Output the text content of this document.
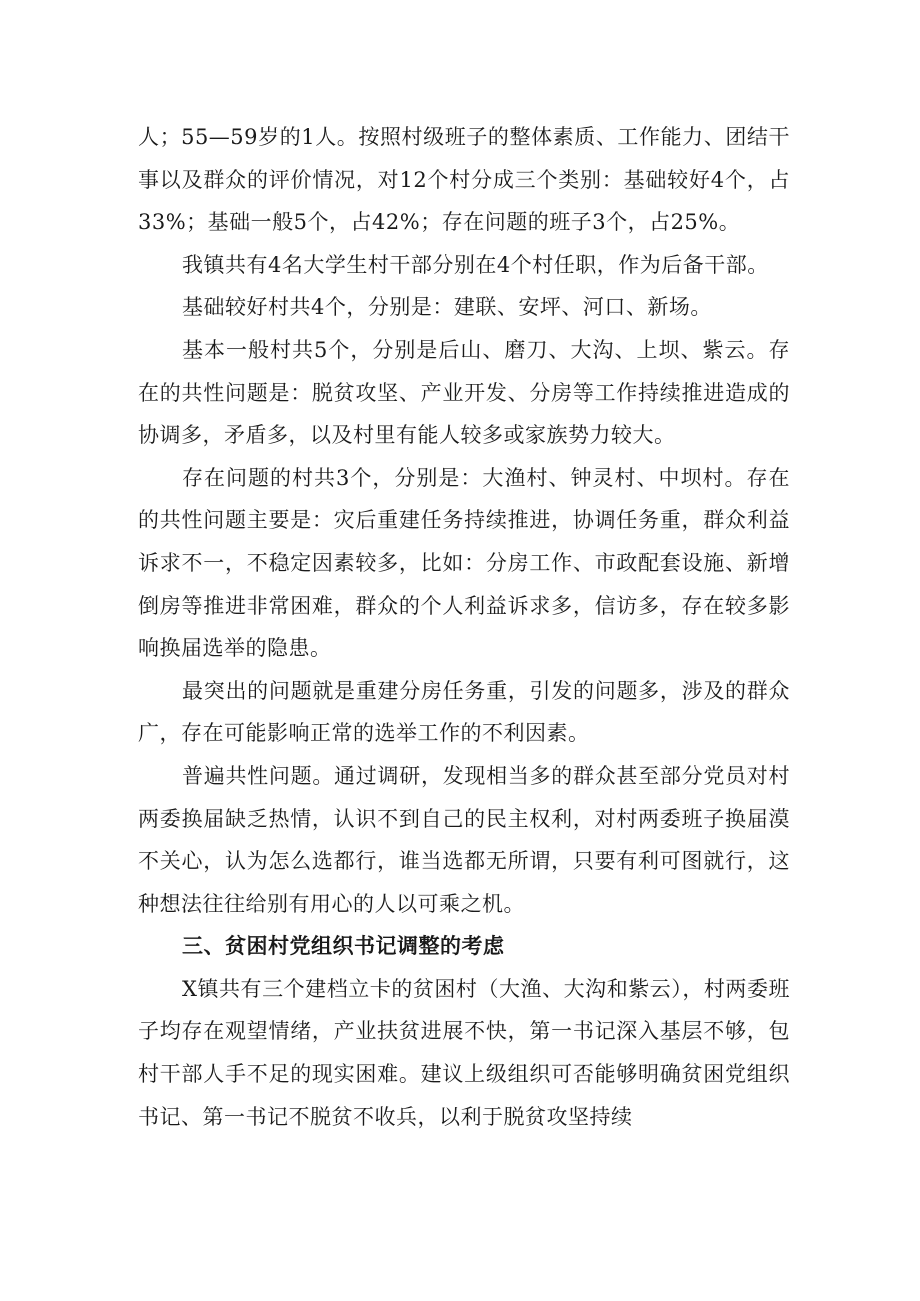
人；55—59岁的1人。按照村级班子的整体素质、工作能力、团结干事以及群众的评价情况，对12个村分成三个类别：基础较好4个，占33%；基础一般5个，占42%；存在问题的班子3个，占25%。

我镇共有4名大学生村干部分别在4个村任职，作为后备干部。

基础较好村共4个，分别是：建联、安坪、河口、新场。

基本一般村共5个，分别是后山、磨刀、大沟、上坝、紫云。存在的共性问题是：脱贫攻坚、产业开发、分房等工作持续推进造成的协调多，矛盾多，以及村里有能人较多或家族势力较大。

存在问题的村共3个，分别是：大渔村、钟灵村、中坝村。存在的共性问题主要是：灾后重建任务持续推进，协调任务重，群众利益诉求不一，不稳定因素较多，比如：分房工作、市政配套设施、新增倒房等推进非常困难，群众的个人利益诉求多，信访多，存在较多影响换届选举的隐患。

最突出的问题就是重建分房任务重，引发的问题多，涉及的群众广，存在可能影响正常的选举工作的不利因素。

普遍共性问题。通过调研，发现相当多的群众甚至部分党员对村两委换届缺乏热情，认识不到自己的民主权利，对村两委班子换届漠不关心，认为怎么选都行，谁当选都无所谓，只要有利可图就行，这种想法往往给别有用心的人以可乘之机。

三、贫困村党组织书记调整的考虑

X镇共有三个建档立卡的贫困村（大渔、大沟和紫云），村两委班子均存在观望情绪，产业扶贫进展不快，第一书记深入基层不够，包村干部人手不足的现实困难。建议上级组织可否能够明确贫困党组织书记、第一书记不脱贫不收兵，以利于脱贫攻坚持续
